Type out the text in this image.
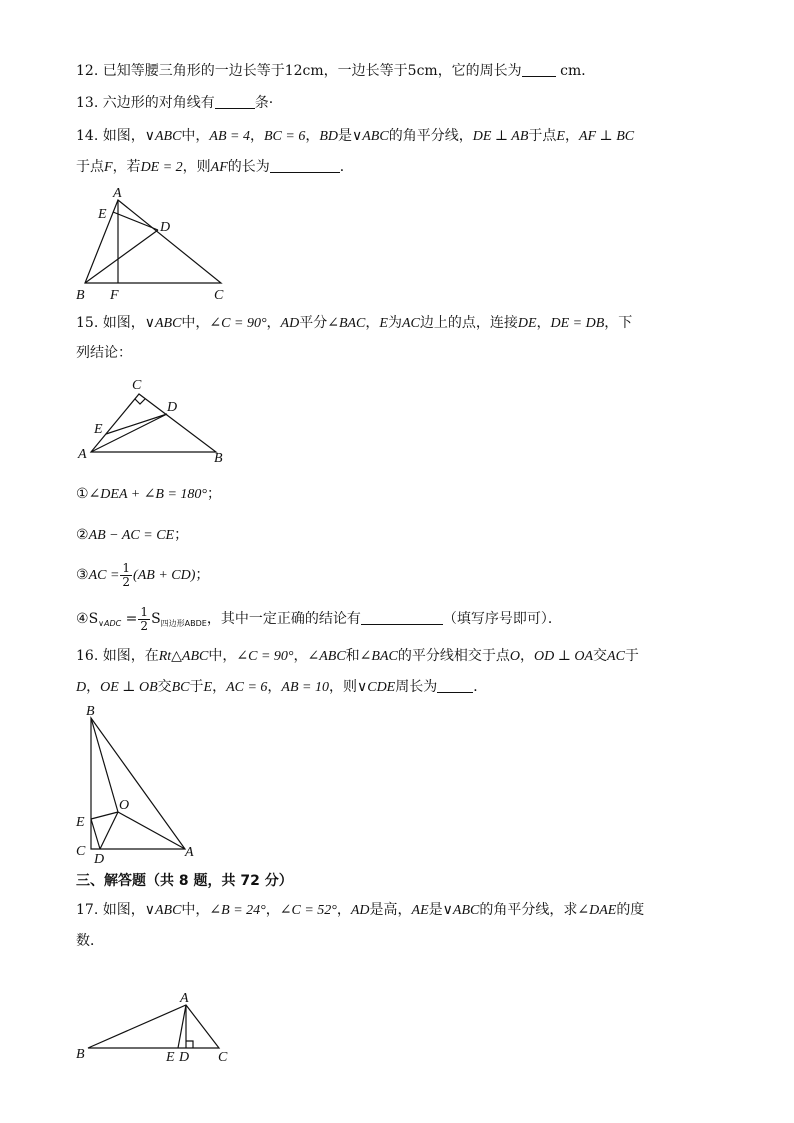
12. 已知等腰三角形的一边长等于12cm，一边长等于5cm，它的周长为	cm．
13. 六边形的对角线有	条·
14. 如图，∨ABC中，AB = 4，BC = 6，BD是∨ABC的角平分线，DE ⊥ AB于点E，AF ⊥ BC
于点F，若DE = 2，则AF的长为	．
A
E
D
B F	C
15. 如图，∨ABC中，∠C = 90°，AD平分∠BAC，E为AC边上的点，连接DE，DE = DB，下
列结论：
C
D
E
A	B
①∠DEA + ∠B = 180°；
②AB − AC = CE；
③AC = $\frac{1}{2} (AB + CD)$；
$④S_{\vee ADC} = \frac{1}{2} S_{四边形ABDE}$，其中一定正确的结论有	（填写序号即可）．
16. 如图，在Rt△ABC中，∠C = 90°，∠ABC和∠BAC的平分线相交于点O，OD ⊥ OA交AC于
D，OE ⊥ OB交BC于E，AC = 6，AB = 10，则∨CDE周长为	．
B
O
E
C
D	A
三、解答题（共 8 题，共 72 分）
17. 如图，∨ABC中，∠B = 24°，∠C = 52°，AD是高，AE是∨ABC的角平分线，求∠DAE的度
数．
A
B	E D C
